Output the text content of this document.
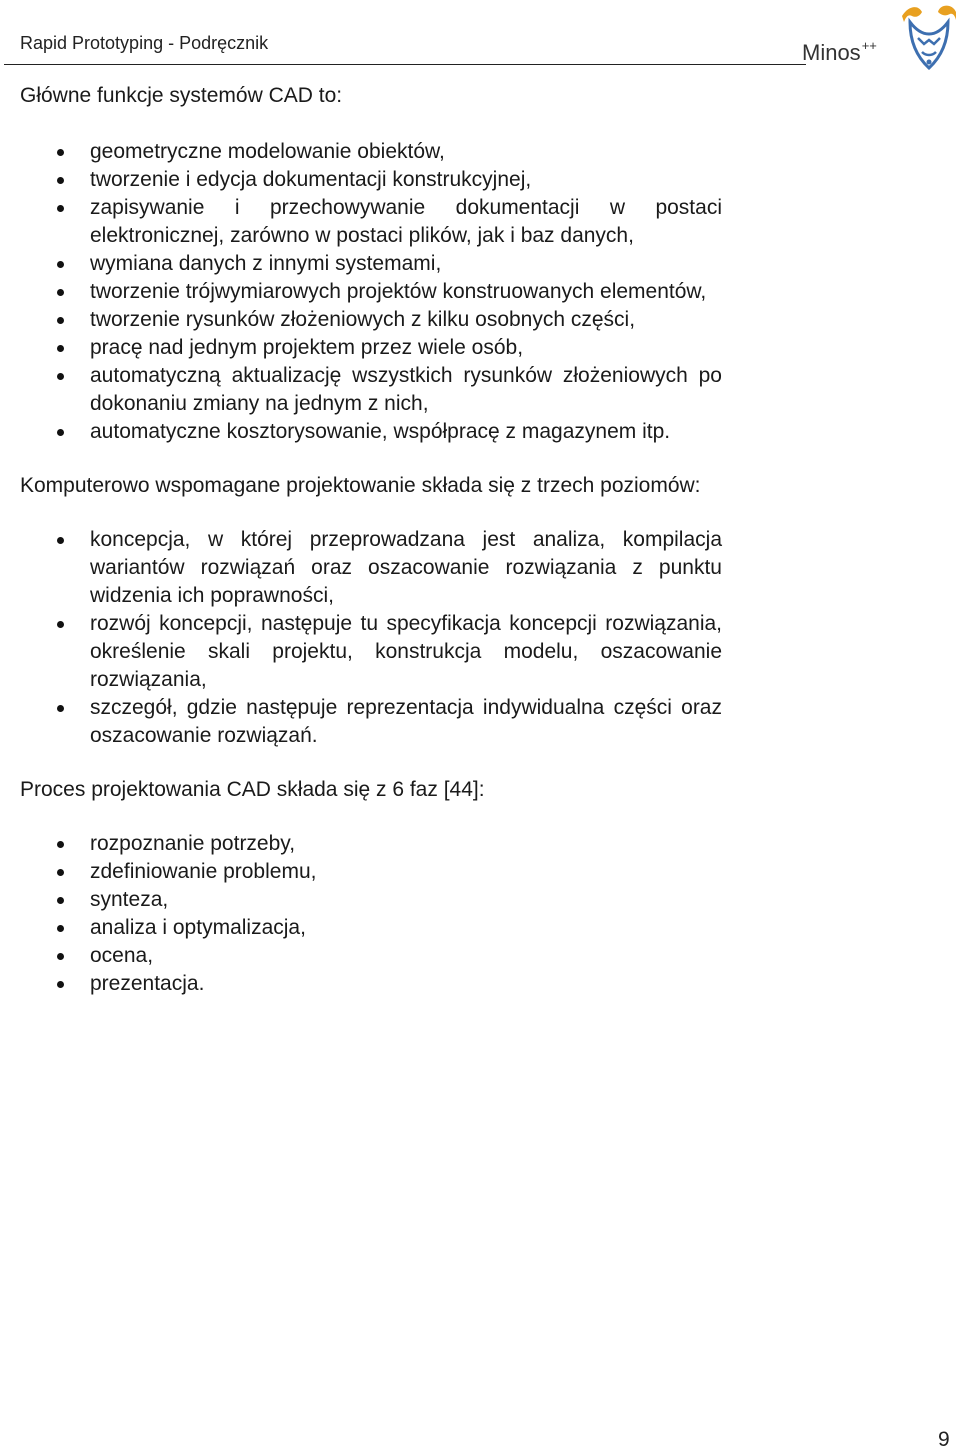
Rapid Prototyping - Podręcznik	Minos++

Główne funkcje systemów CAD to:

geometryczne modelowanie obiektów,
tworzenie i edycja dokumentacji konstrukcyjnej,
zapisywanie i przechowywanie dokumentacji w postaci elektronicznej, zarówno w postaci plików, jak i baz danych,
wymiana danych z innymi systemami,
tworzenie trójwymiarowych projektów konstruowanych elementów,
tworzenie rysunków złożeniowych z kilku osobnych części,
pracę nad jednym projektem przez wiele osób,
automatyczną aktualizację wszystkich rysunków złożeniowych po dokonaniu zmiany na jednym z nich,
automatyczne kosztorysowanie, współpracę z magazynem itp.

Komputerowo wspomagane projektowanie składa się z trzech poziomów:

koncepcja, w której przeprowadzana jest analiza, kompilacja wariantów rozwiązań oraz oszacowanie rozwiązania z punktu widzenia ich poprawności,
rozwój koncepcji, następuje tu specyfikacja koncepcji rozwiązania, określenie skali projektu, konstrukcja modelu, oszacowanie rozwiązania,
szczegół, gdzie następuje reprezentacja indywidualna części oraz oszacowanie rozwiązań.

Proces projektowania CAD składa się z 6 faz [44]:

rozpoznanie potrzeby,
zdefiniowanie problemu,
synteza,
analiza i optymalizacja,
ocena,
prezentacja.
9
